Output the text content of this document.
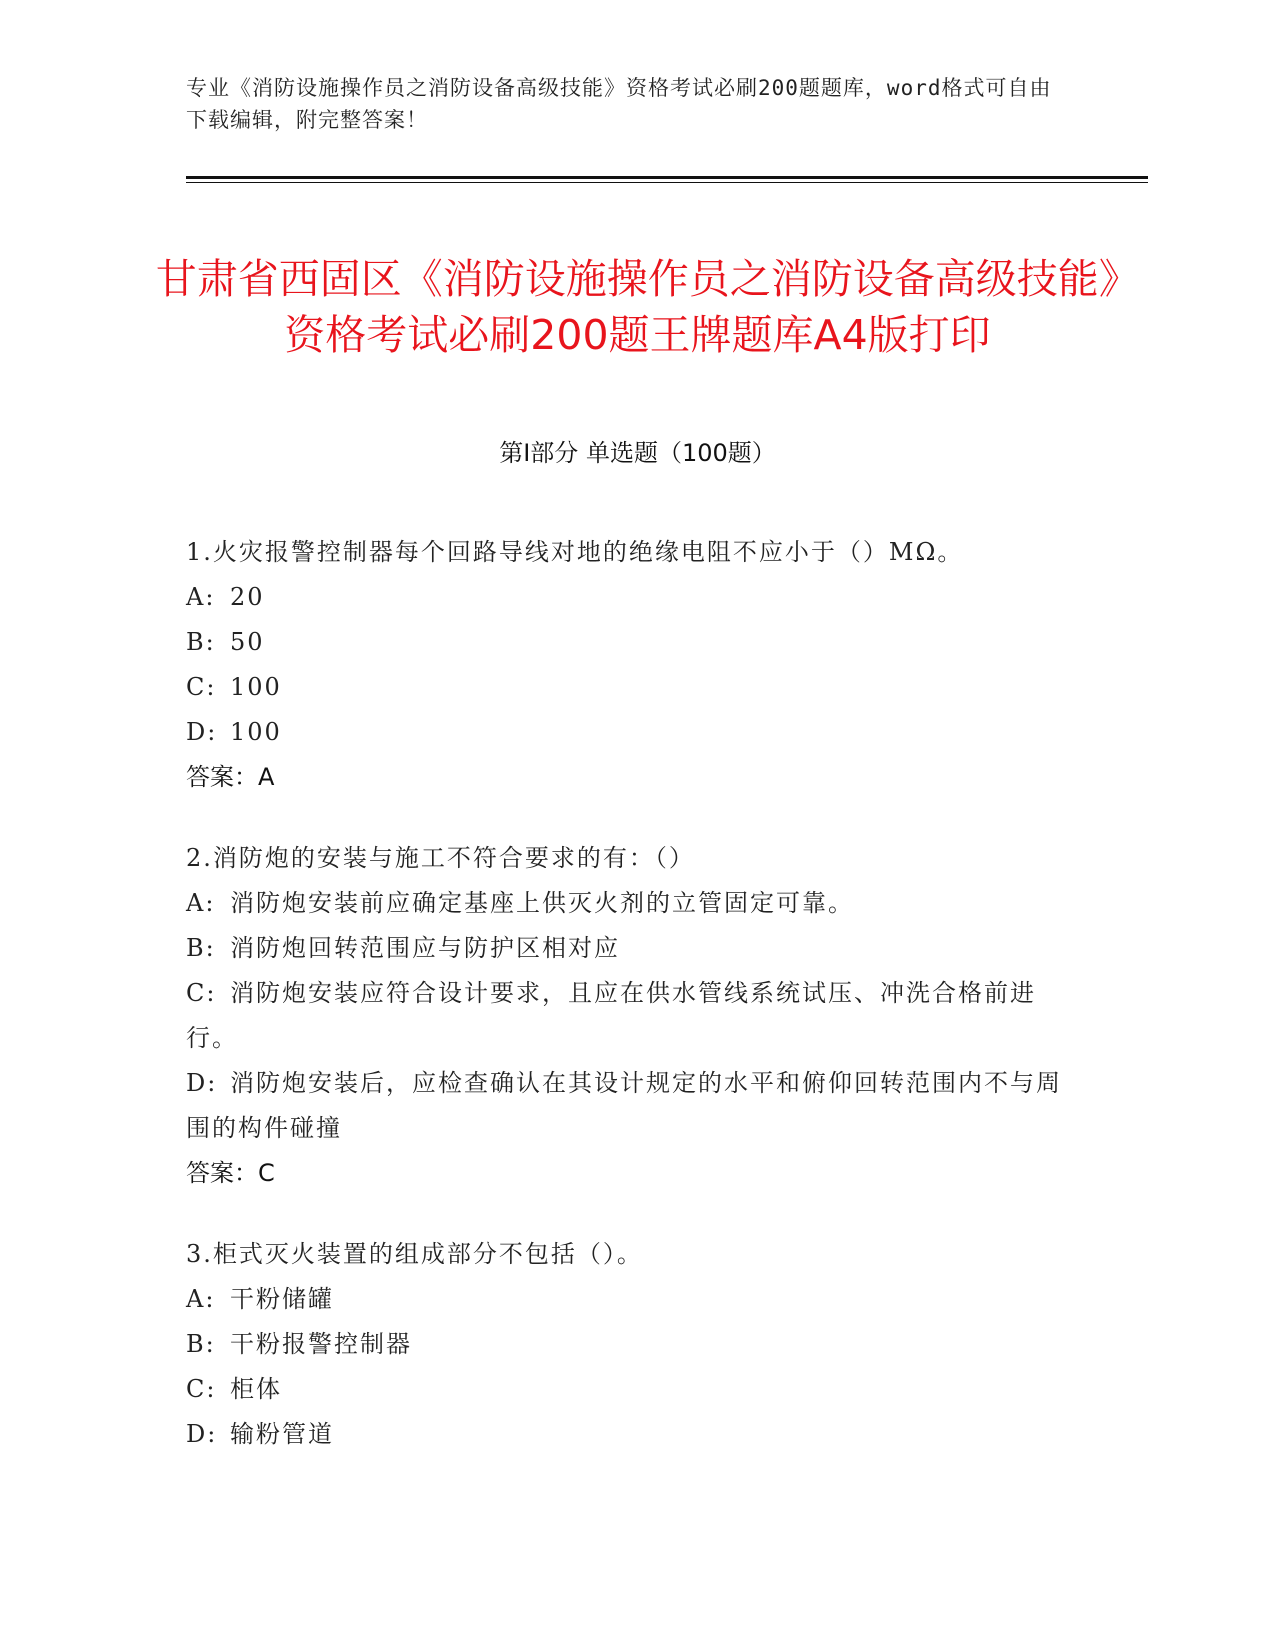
专业《消防设施操作员之消防设备高级技能》资格考试必刷200题题库，word格式可自由下载编辑，附完整答案！
甘肃省西固区《消防设施操作员之消防设备高级技能》资格考试必刷200题王牌题库A4版打印
第Ⅰ部分 单选题（100题）
1.火灾报警控制器每个回路导线对地的绝缘电阻不应小于（）MΩ。
A: 20
B: 50
C: 100
D: 100
答案：A
2.消防炮的安装与施工不符合要求的有：（）
A: 消防炮安装前应确定基座上供灭火剂的立管固定可靠。
B: 消防炮回转范围应与防护区相对应
C: 消防炮安装应符合设计要求，且应在供水管线系统试压、冲洗合格前进行。
D: 消防炮安装后，应检查确认在其设计规定的水平和俯仰回转范围内不与周围的构件碰撞
答案：C
3.柜式灭火装置的组成部分不包括（）。
A: 干粉储罐
B: 干粉报警控制器
C: 柜体
D: 输粉管道
